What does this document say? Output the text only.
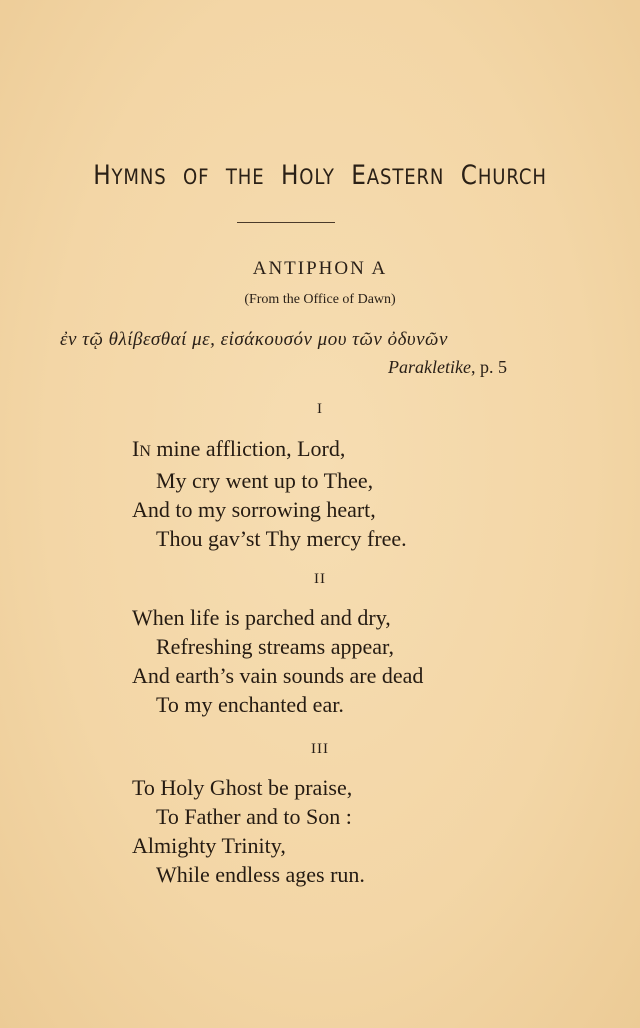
HYMNS OF THE HOLY EASTERN CHURCH
ANTIPHON A
(From the Office of Dawn)
ἐν τῷ θλίβεσθαί με, εἰσάκουσόν μου τῶν ὀδυνῶν
Parakletike, p. 5
I
IN mine affliction, Lord,
My cry went up to Thee,
And to my sorrowing heart,
Thou gav’st Thy mercy free.
II
When life is parched and dry,
Refreshing streams appear,
And earth’s vain sounds are dead
To my enchanted ear.
III
To Holy Ghost be praise,
To Father and to Son :
Almighty Trinity,
While endless ages run.
